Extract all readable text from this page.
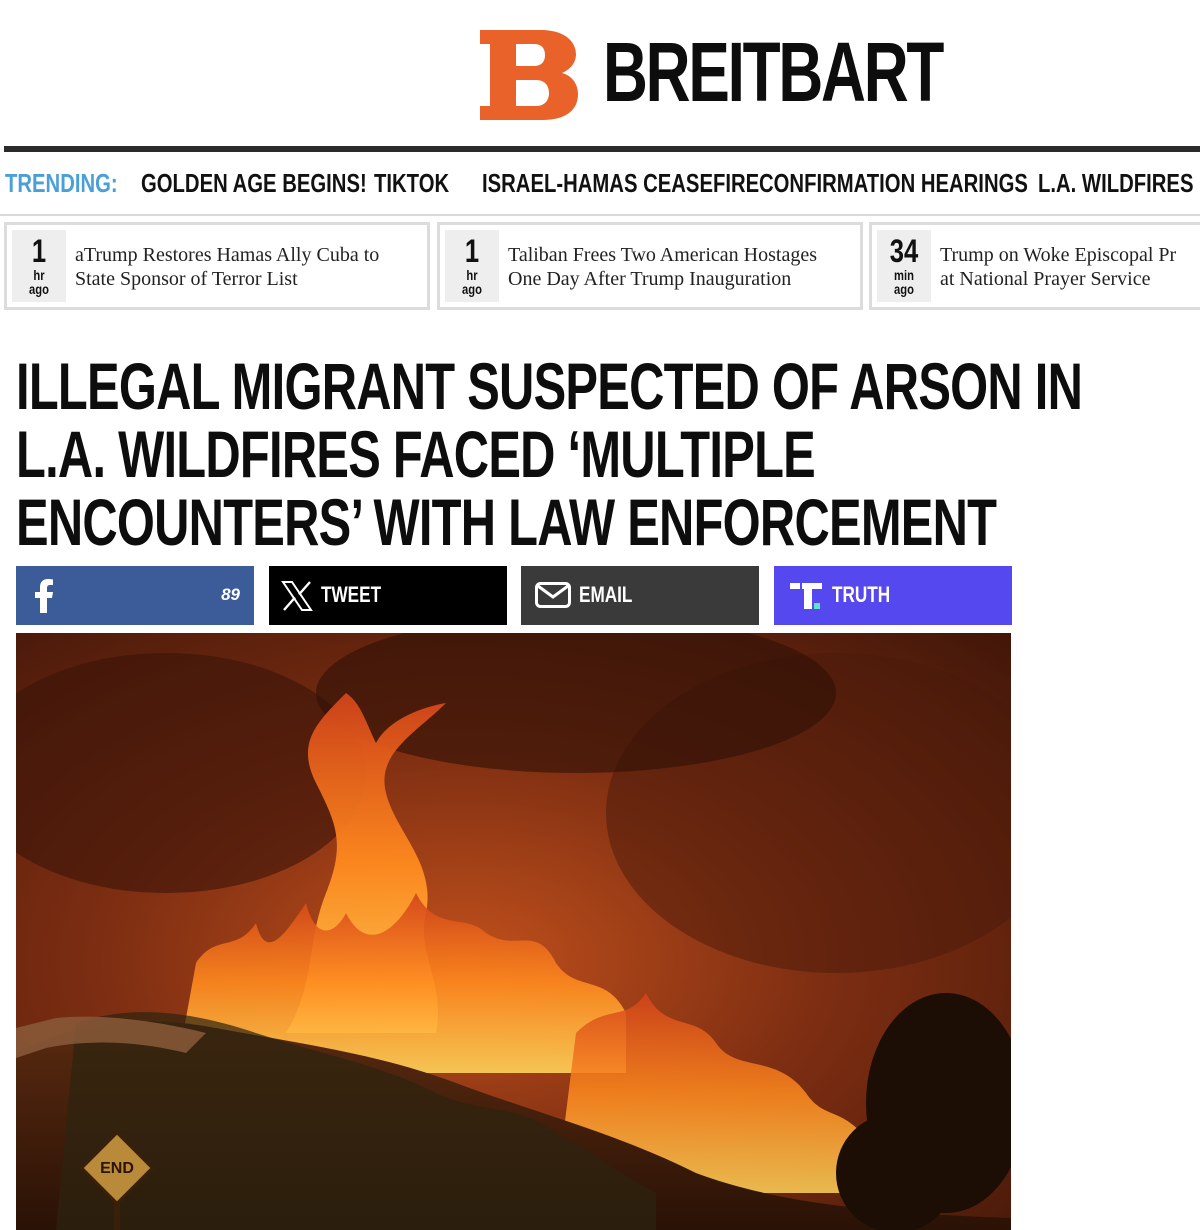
BREITBART
TRENDING: GOLDEN AGE BEGINS! TIKTOK ISRAEL-HAMAS CEASEFIRE CONFIRMATION HEARINGS L.A. WILDFIRES
1
hr
ago
aTrump Restores Hamas Ally Cuba to
State Sponsor of Terror List
1
hr
ago
Taliban Frees Two American Hostages
One Day After Trump Inauguration
34
min
ago
Trump on Woke Episcopal Pr
at National Prayer Service
ILLEGAL MIGRANT SUSPECTED OF ARSON IN
L.A. WILDFIRES FACED ‘MULTIPLE
ENCOUNTERS’ WITH LAW ENFORCEMENT
89	TWEET	EMAIL	TRUTH
END
